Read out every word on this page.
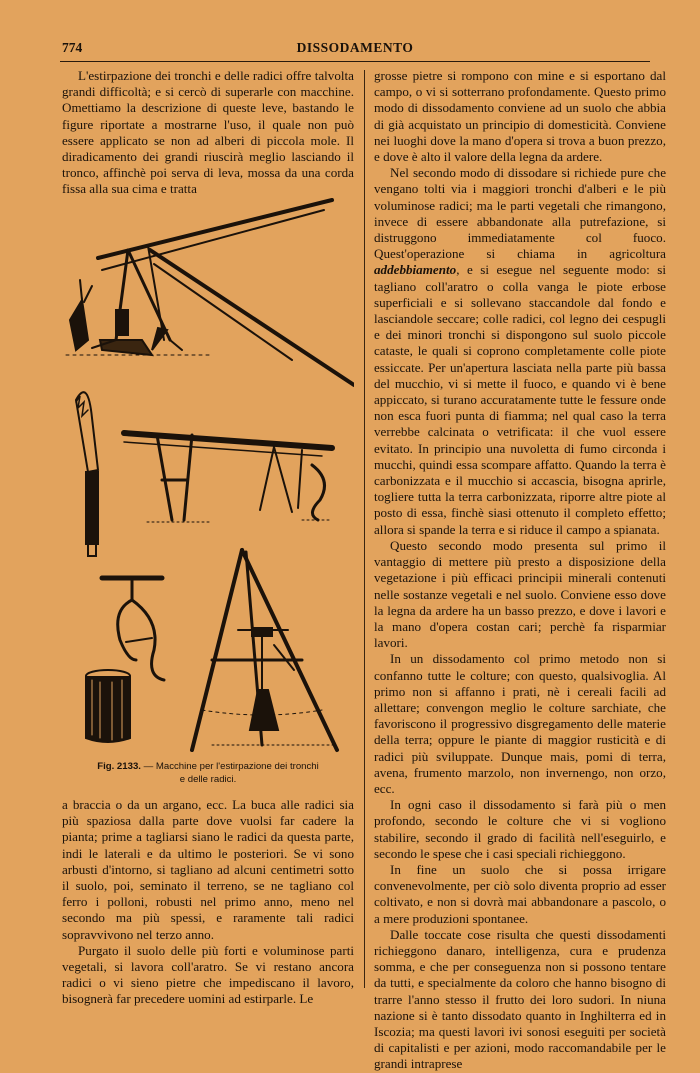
774	DISSODAMENTO

L'estirpazione dei tronchi e delle radici offre talvolta grandi difficoltà; e si cercò di superarle con macchine. Omettiamo la descrizione di queste leve, bastando le figure riportate a mostrarne l'uso, il quale non può essere applicato se non ad alberi di piccola mole. Il diradicamento dei grandi riuscirà meglio lasciando il tronco, affinchè poi serva di leva, mossa da una corda fissa alla sua cima e tratta

Fig. 2133. — Macchine per l'estirpazione dei tronchi
e delle radici.

a braccia o da un argano, ecc. La buca alle radici sia più spaziosa dalla parte dove vuolsi far cadere la pianta; prime a tagliarsi siano le radici da questa parte, indi le laterali e da ultimo le posteriori. Se vi sono arbusti d'intorno, si tagliano ad alcuni centimetri sotto il suolo, poi, seminato il terreno, se ne tagliano col ferro i polloni, robusti nel primo anno, meno nel secondo ma più spessi, e raramente tali radici sopravvivono nel terzo anno.

Purgato il suolo delle più forti e voluminose parti vegetali, si lavora coll'aratro. Se vi restano ancora radici o vi sieno pietre che impediscano il lavoro, bisognerà far precedere uomini ad estirparle. Le

grosse pietre si rompono con mine e si esportano dal campo, o vi si sotterrano profondamente. Questo primo modo di dissodamento conviene ad un suolo che abbia di già acquistato un principio di domesticità. Conviene nei luoghi dove la mano d'opera si trova a buon prezzo, e dove è alto il valore della legna da ardere.

Nel secondo modo di dissodare si richiede pure che vengano tolti via i maggiori tronchi d'alberi e le più voluminose radici; ma le parti vegetali che rimangono, invece di essere abbandonate alla putrefazione, si distruggono immediatamente col fuoco. Quest'operazione si chiama in agricoltura addebbiamento, e si esegue nel seguente modo: si tagliano coll'aratro o colla vanga le piote erbose superficiali e si sollevano staccandole dal fondo e lasciandole seccare; colle radici, col legno dei cespugli e dei minori tronchi si dispongono sul suolo piccole cataste, le quali si coprono completamente colle piote essiccate. Per un'apertura lasciata nella parte più bassa del mucchio, vi si mette il fuoco, e quando vi è bene appiccato, si turano accuratamente tutte le fessure onde non esca fuori punta di fiamma; nel qual caso la terra verrebbe calcinata o vetrificata: il che vuol essere evitato. In principio una nuvoletta di fumo circonda i mucchi, quindi essa scompare affatto. Quando la terra è carbonizzata e il mucchio si accascia, bisogna aprirle, togliere tutta la terra carbonizzata, riporre altre piote al posto di essa, finchè siasi ottenuto il completo effetto; allora si spande la terra e si riduce il campo a spianata.

Questo secondo modo presenta sul primo il vantaggio di mettere più presto a disposizione della vegetazione i più efficaci principii minerali contenuti nelle sostanze vegetali e nel suolo. Conviene esso dove la legna da ardere ha un basso prezzo, e dove i lavori e la mano d'opera costan cari; perchè fa risparmiar lavori.

In un dissodamento col primo metodo non si confanno tutte le colture; con questo, qualsivoglia. Al primo non si affanno i prati, nè i cereali facili ad allettare; convengon meglio le colture sarchiate, che favoriscono il progressivo disgregamento delle materie della terra; oppure le piante di maggior rusticità e di radici più sviluppate. Dunque mais, pomi di terra, avena, frumento marzolo, non invernengo, non orzo, ecc.

In ogni caso il dissodamento si farà più o men profondo, secondo le colture che vi si vogliono stabilire, secondo il grado di facilità nell'eseguirlo, e secondo le spese che i casi speciali richieggono.

In fine un suolo che si possa irrigare convenevolmente, per ciò solo diventa proprio ad esser coltivato, e non si dovrà mai abbandonare a pascolo, o a mere produzioni spontanee.

Dalle toccate cose risulta che questi dissodamenti richieggono danaro, intelligenza, cura e prudenza somma, e che per conseguenza non si possono tentare da tutti, e specialmente da coloro che hanno bisogno di trarre l'anno stesso il frutto dei loro sudori. In niuna nazione si è tanto dissodato quanto in Inghilterra ed in Iscozia; ma questi lavori ivi sonosi eseguiti per società di capitalisti e per azioni, modo raccomandabile per le grandi intraprese
